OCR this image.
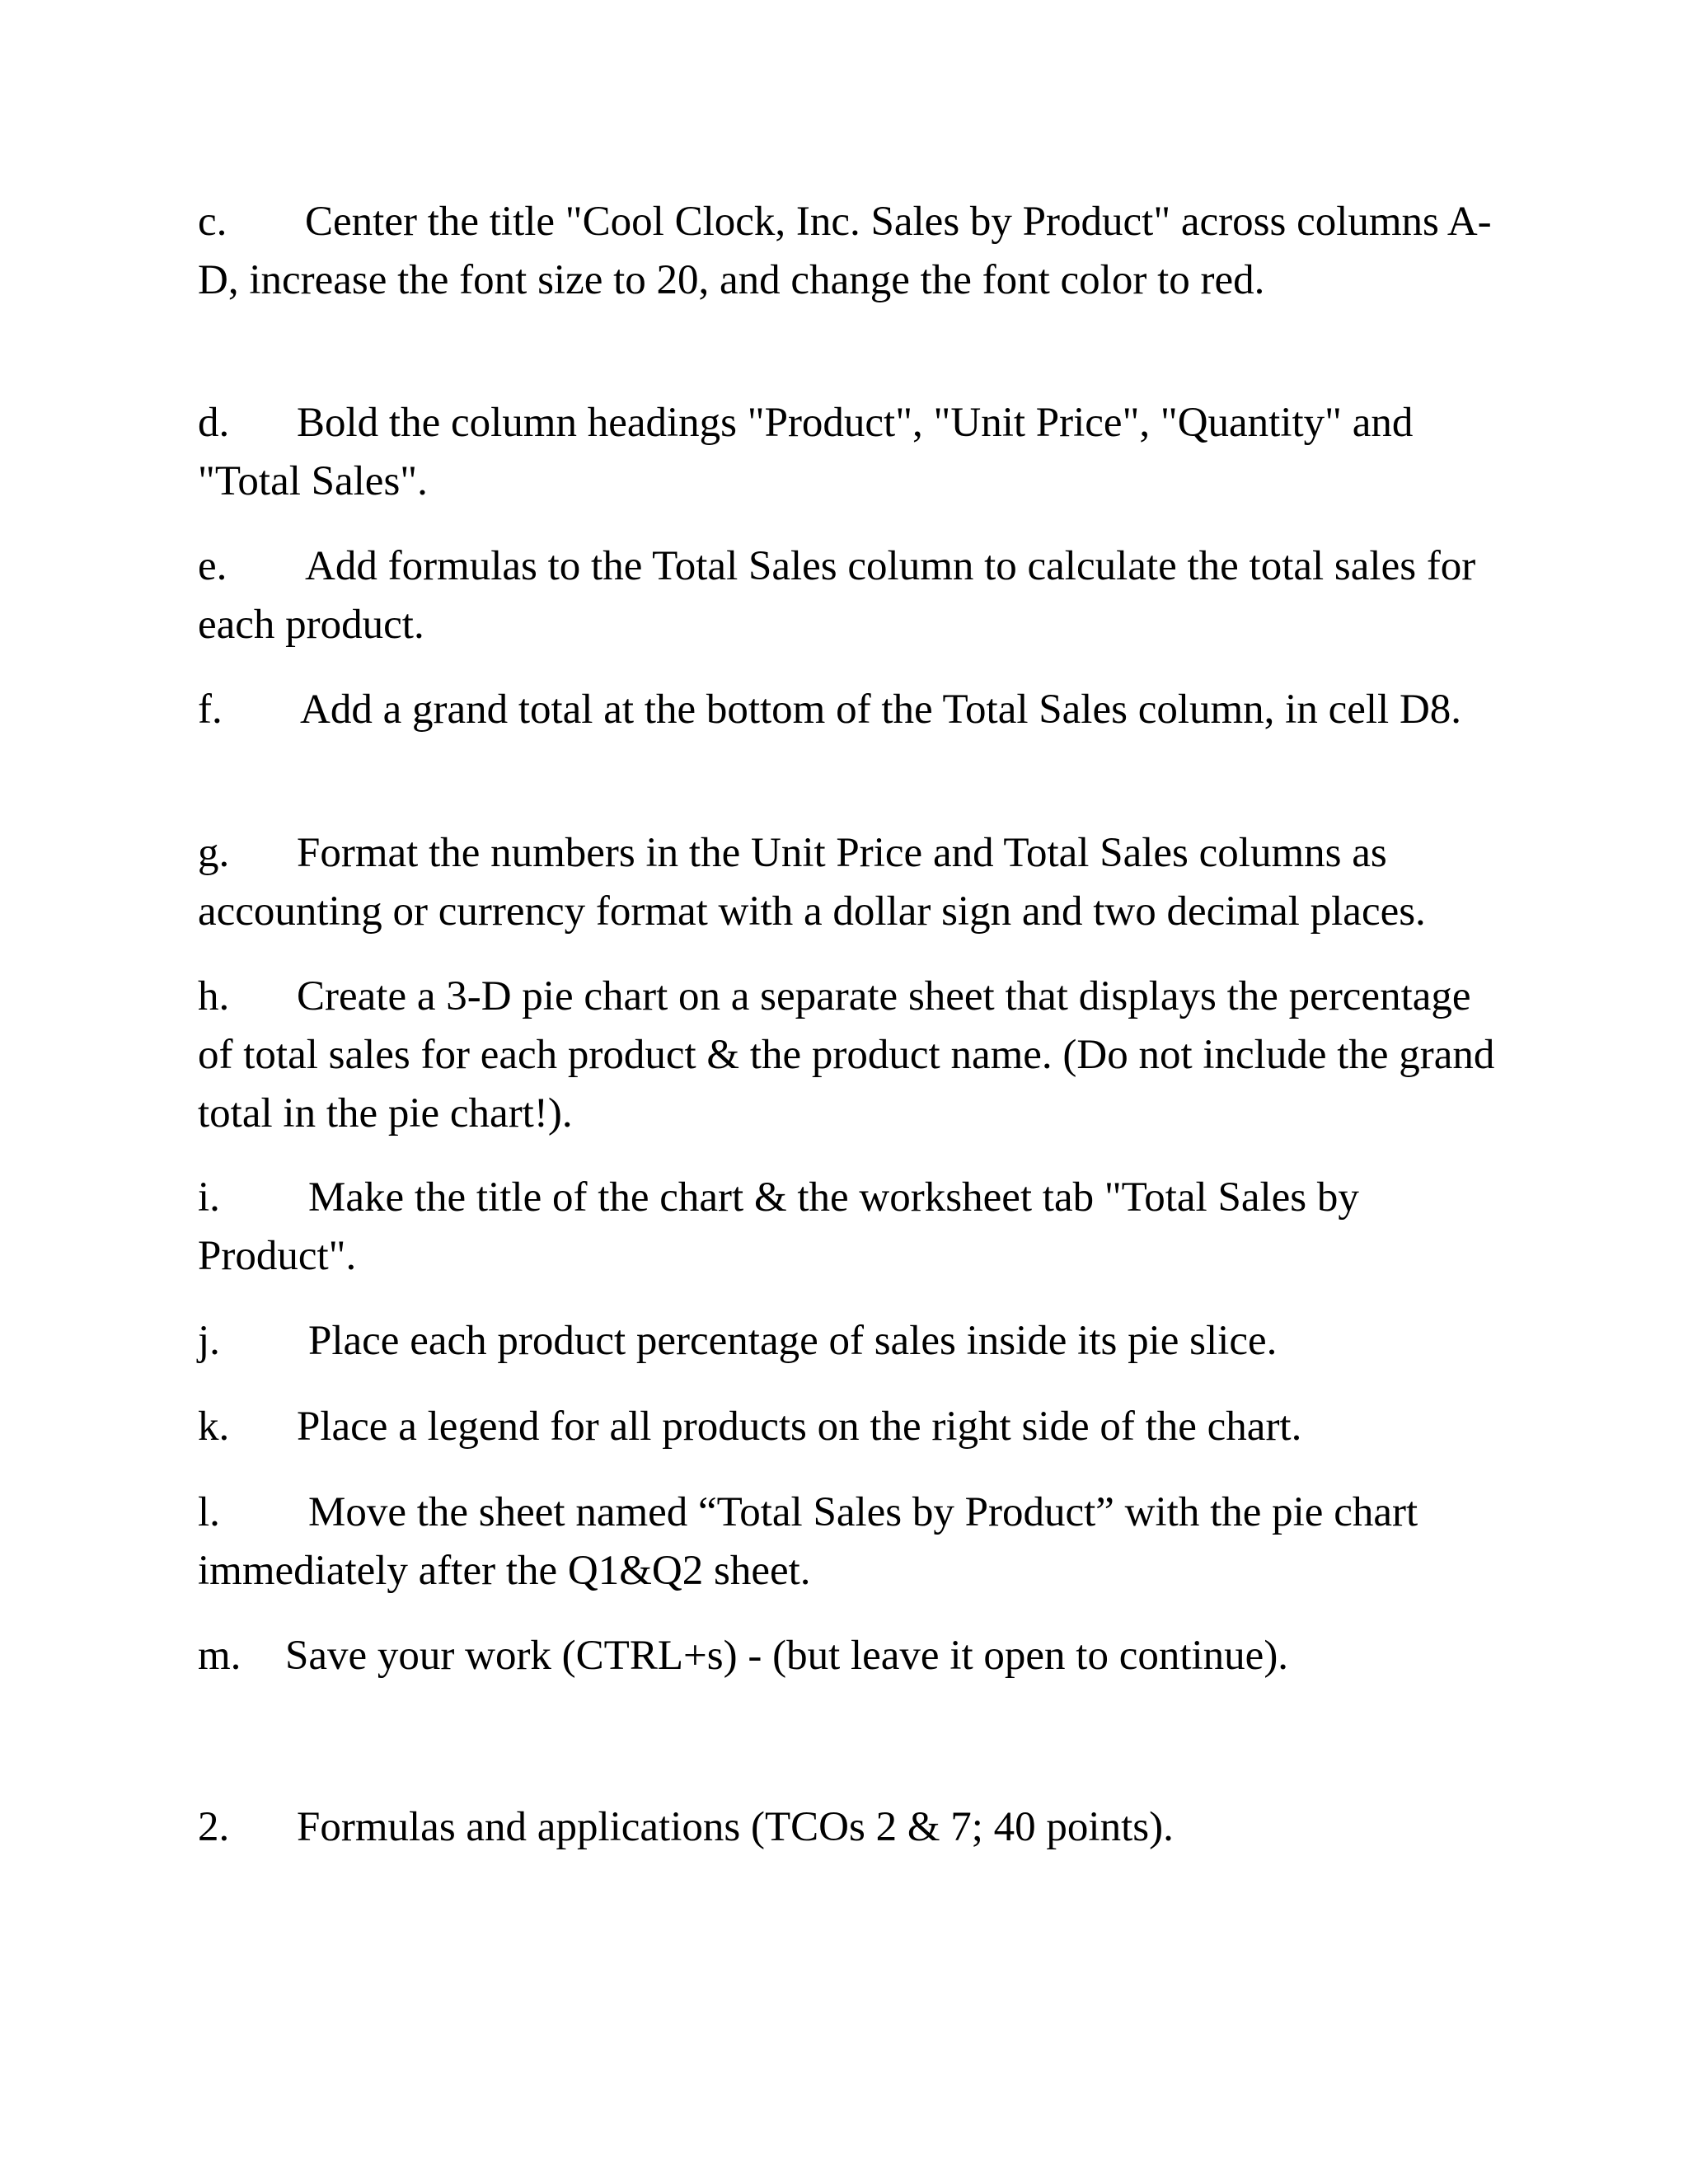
c. Center the title "Cool Clock, Inc. Sales by Product" across columns A-D, increase the font size to 20, and change the font color to red.

d. Bold the column headings "Product", "Unit Price", "Quantity" and "Total Sales".

e. Add formulas to the Total Sales column to calculate the total sales for each product.

f. Add a grand total at the bottom of the Total Sales column, in cell D8.

g. Format the numbers in the Unit Price and Total Sales columns as accounting or currency format with a dollar sign and two decimal places.

h. Create a 3-D pie chart on a separate sheet that displays the percentage of total sales for each product & the product name. (Do not include the grand total in the pie chart!).

i. Make the title of the chart & the worksheet tab "Total Sales by Product".

j. Place each product percentage of sales inside its pie slice.

k. Place a legend for all products on the right side of the chart.

l. Move the sheet named “Total Sales by Product” with the pie chart immediately after the Q1&Q2 sheet.

m. Save your work (CTRL+s) - (but leave it open to continue).

2. Formulas and applications (TCOs 2 & 7; 40 points).
